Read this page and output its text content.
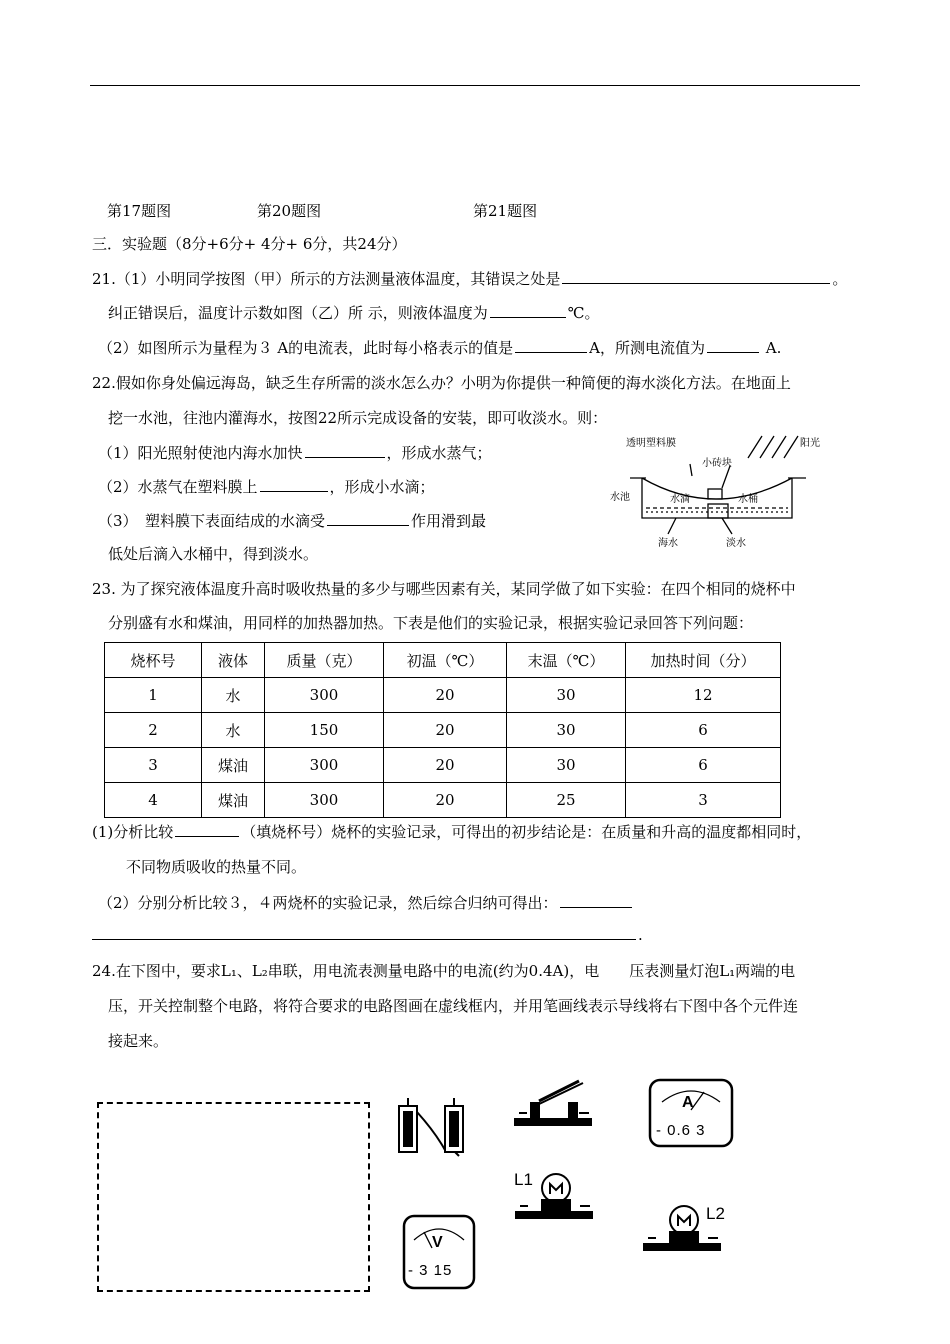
第17题图	第20题图	第21题图
三．实验题（8分+6分+ 4分+ 6分，共24分）
21.（1）小明同学按图（甲）所示的方法测量液体温度，其错误之处是	。
纠正错误后，温度计示数如图（乙）所 示，则液体温度为	℃。
（2）如图所示为量程为３ A的电流表，此时每小格表示的值是	A，所测电流值为	A.
22.假如你身处偏远海岛，缺乏生存所需的淡水怎么办？小明为你提供一种简便的海水淡化方法。在地面上
挖一水池，往池内灌海水，按图22所示完成设备的安装，即可收淡水。则：
（1）阳光照射使池内海水加快	，形成水蒸气；
（2）水蒸气在塑料膜上	，形成小水滴；
（3）　塑料膜下表面结成的水滴受	作用滑到最
低处后滴入水桶中，得到淡水。
透明塑料膜
小砖块
阳光
水池	水滴	水桶
海水	淡水
23. 为了探究液体温度升高时吸收热量的多少与哪些因素有关，某同学做了如下实验：在四个相同的烧杯中
分别盛有水和煤油，用同样的加热器加热。下表是他们的实验记录，根据实验记录回答下列问题：
烧杯号	液体	质量（克）	初温（℃）	末温（℃）	加热时间（分）
1	水	300	20	30	12
2	水	150	20	30	6
3	煤油	300	20	30	6
4	煤油	300	20	25	3
(1)分析比较	（填烧杯号）烧杯的实验记录，可得出的初步结论是：在质量和升高的温度都相同时，
不同物质吸收的热量不同。
（2）分别分析比较３，４两烧杯的实验记录，然后综合归纳可得出：
.
24.在下图中，要求L₁、L₂串联，用电流表测量电路中的电流(约为0.4A)，电　　压表测量灯泡L₁两端的电
压，开关控制整个电路，将符合要求的电路图画在虚线框内，并用笔画线表示导线将右下图中各个元件连
接起来。
A
- 0.6 3
L1
V
- 3 15
L2
